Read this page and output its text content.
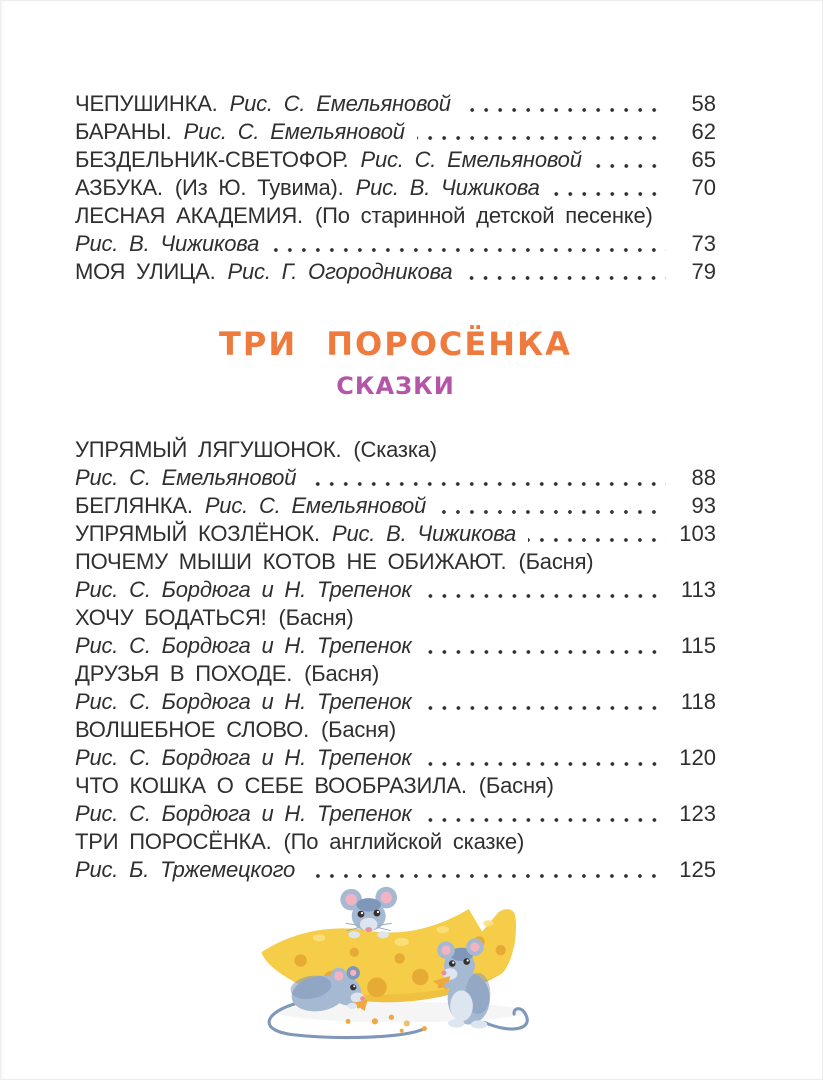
ЧЕПУШИНКА. Рис. С. Емельяновой	58
БАРАНЫ. Рис. С. Емельяновой	62
БЕЗДЕЛЬНИК-СВЕТОФОР. Рис. С. Емельяновой	65
АЗБУКА. (Из Ю. Тувима). Рис. В. Чижикова	70
ЛЕСНАЯ АКАДЕМИЯ. (По старинной детской песенке)
Рис. В. Чижикова	73
МОЯ УЛИЦА. Рис. Г. Огородникова	79
ТРИ ПОРОСЁНКА
СКАЗКИ
УПРЯМЫЙ ЛЯГУШОНОК. (Сказка)
Рис. С. Емельяновой	88
БЕГЛЯНКА. Рис. С. Емельяновой	93
УПРЯМЫЙ КОЗЛЁНОК. Рис. В. Чижикова	103
ПОЧЕМУ МЫШИ КОТОВ НЕ ОБИЖАЮТ. (Басня)
Рис. С. Бордюга и Н. Трепенок	113
ХОЧУ БОДАТЬСЯ! (Басня)
Рис. С. Бордюга и Н. Трепенок	115
ДРУЗЬЯ В ПОХОДЕ. (Басня)
Рис. С. Бордюга и Н. Трепенок	118
ВОЛШЕБНОЕ СЛОВО. (Басня)
Рис. С. Бордюга и Н. Трепенок	120
ЧТО КОШКА О СЕБЕ ВООБРАЗИЛА. (Басня)
Рис. С. Бордюга и Н. Трепенок	123
ТРИ ПОРОСЁНКА. (По английской сказке)
Рис. Б. Тржемецкого	125
